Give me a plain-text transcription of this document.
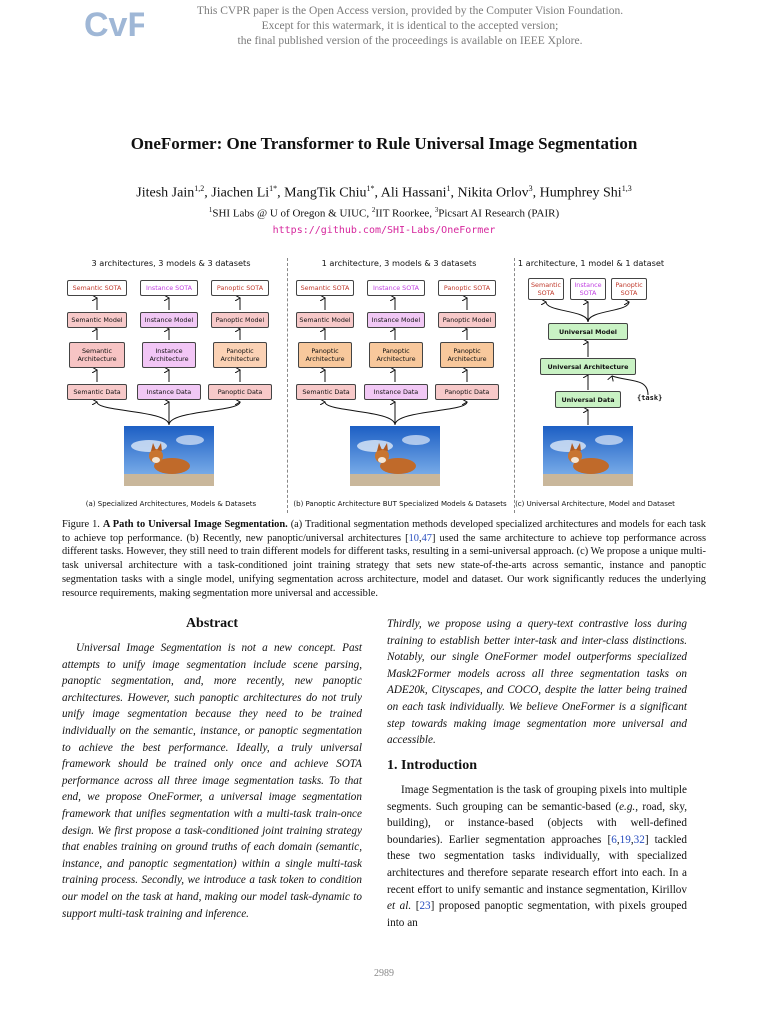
CvF	This CVPR paper is the Open Access version, provided by the Computer Vision Foundation.
Except for this watermark, it is identical to the accepted version;
the final published version of the proceedings is available on IEEE Xplore.
OneFormer: One Transformer to Rule Universal Image Segmentation
Jitesh Jain$^{1,2}$, Jiachen $Li^{1*}$, MangTik Chiu$^{1*}$, Ali Hassani$^1$, Nikita Orlov$^3$, Humphrey Shi$^{1,3}$
$^1$SHI Labs @ U of Oregon & UIUC, $^2$IIT Roorkee, $^3$Picsart AI Research (PAIR)
https://github.com/SHI-Labs/OneFormer
3 architectures, 3 models & 3 datasets
Semantic SOTA	Instance SOTA	Panoptic SOTA
Semantic Model	Instance Model	Panoptic Model
Semantic Architecture
Instance Architecture
Panoptic Architecture
Semantic Data	Instance Data	Panoptic Data
(a) Specialized Architectures, Models & Datasets
1 architecture, 3 models & 3 datasets
Semantic SOTA	Instance SOTA	Panoptic SOTA
Semantic Model	Instance Model	Panoptic Model
Panoptic Architecture
Panoptic Architecture
Panoptic Architecture
Semantic Data	Instance Data	Panoptic Data
(b) Panoptic Architecture BUT Specialized Models & Datasets
1 architecture, 1 model & 1 dataset
Semantic SOTA
Instance SOTA
Panoptic SOTA
Universal Model
Universal Architecture
Universal Data	{task}
(c) Universal Architecture, Model and Dataset
Figure 1. A Path to Universal Image Segmentation. (a) Traditional segmentation methods developed specialized architectures and models for each task to achieve top performance. (b) Recently, new panoptic/universal architectures [10,47] used the same architecture to achieve top performance across different tasks. However, they still need to train different models for different tasks, resulting in a semi-universal approach. (c) We propose a unique multi-task universal architecture with a task-conditioned joint training strategy that sets new state-of-the-arts across semantic, instance and panoptic segmentation tasks with a single model, unifying segmentation across architecture, model and dataset. Our work significantly reduces the underlying resource requirements, making segmentation more universal and accessible.
Abstract
Universal Image Segmentation is not a new concept. Past attempts to unify image segmentation include scene parsing, panoptic segmentation, and, more recently, new panoptic architectures. However, such panoptic architectures do not truly unify image segmentation because they need to be trained individually on the semantic, instance, or panoptic segmentation to achieve the best performance. Ideally, a truly universal framework should be trained only once and achieve SOTA performance across all three image segmentation tasks. To that end, we propose OneFormer, a universal image segmentation framework that unifies segmentation with a multi-task train-once design. We first propose a task-conditioned joint training strategy that enables training on ground truths of each domain (semantic, instance, and panoptic segmentation) within a single multi-task training process. Secondly, we introduce a task token to condition our model on the task at hand, making our model task-dynamic to support multi-task training and inference.
Thirdly, we propose using a query-text contrastive loss during training to establish better inter-task and inter-class distinctions. Notably, our single OneFormer model outperforms specialized Mask2Former models across all three segmentation tasks on ADE20k, Cityscapes, and COCO, despite the latter being trained on each task individually. We believe OneFormer is a significant step towards making image segmentation more universal and accessible.
1. Introduction
Image Segmentation is the task of grouping pixels into multiple segments. Such grouping can be semantic-based (e.g., road, sky, building), or instance-based (objects with well-defined boundaries). Earlier segmentation approaches [6,19,32] tackled these two segmentation tasks individually, with specialized architectures and therefore separate research effort into each. In a recent effort to unify semantic and instance segmentation, Kirillov et al. [23] proposed panoptic segmentation, with pixels grouped into an
2989
